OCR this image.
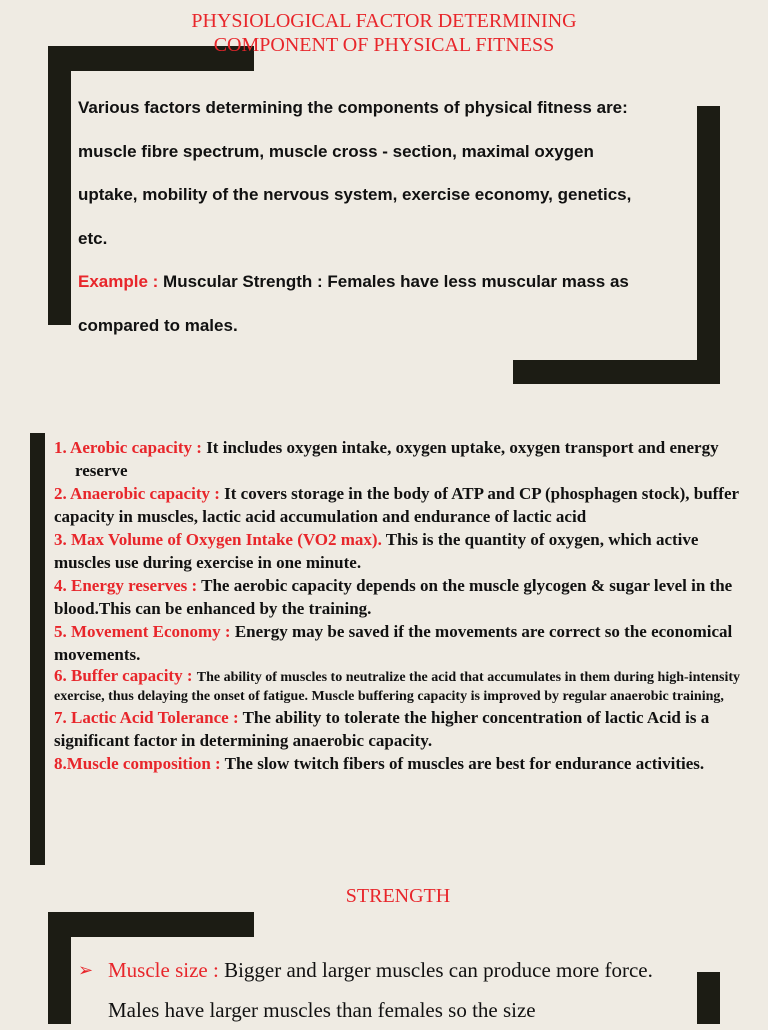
PHYSIOLOGICAL FACTOR DETERMINING
COMPONENT OF PHYSICAL FITNESS

Various factors determining the components of physical fitness are:

muscle fibre spectrum, muscle cross - section, maximal oxygen

uptake, mobility of the nervous system, exercise economy, genetics,

etc.

Example : Muscular Strength : Females have less muscular mass as

compared to males.

1. Aerobic capacity : It includes oxygen intake, oxygen uptake, oxygen transport and energy reserve
2. Anaerobic capacity : It covers storage in the body of ATP and CP (phosphagen stock), buffer capacity in muscles, lactic acid accumulation and endurance of lactic acid
3. Max Volume of Oxygen Intake (VO2 max). This is the quantity of oxygen, which active muscles use during exercise in one minute.
4. Energy reserves : The aerobic capacity depends on the muscle glycogen & sugar level in the blood.This can be enhanced by the training.
5. Movement Economy : Energy may be saved if the movements are correct so the economical movements.
6. Buffer capacity : The ability of muscles to neutralize the acid that accumulates in them during high-intensity exercise, thus delaying the onset of fatigue. Muscle buffering capacity is improved by regular anaerobic training,
7. Lactic Acid Tolerance : The ability to tolerate the higher concentration of lactic Acid is a significant factor in determining anaerobic capacity.
8.Muscle composition : The slow twitch fibers of muscles are best for endurance activities.
STRENGTH
➢ Muscle size : Bigger and larger muscles can produce more force. Males have larger muscles than females so the size
